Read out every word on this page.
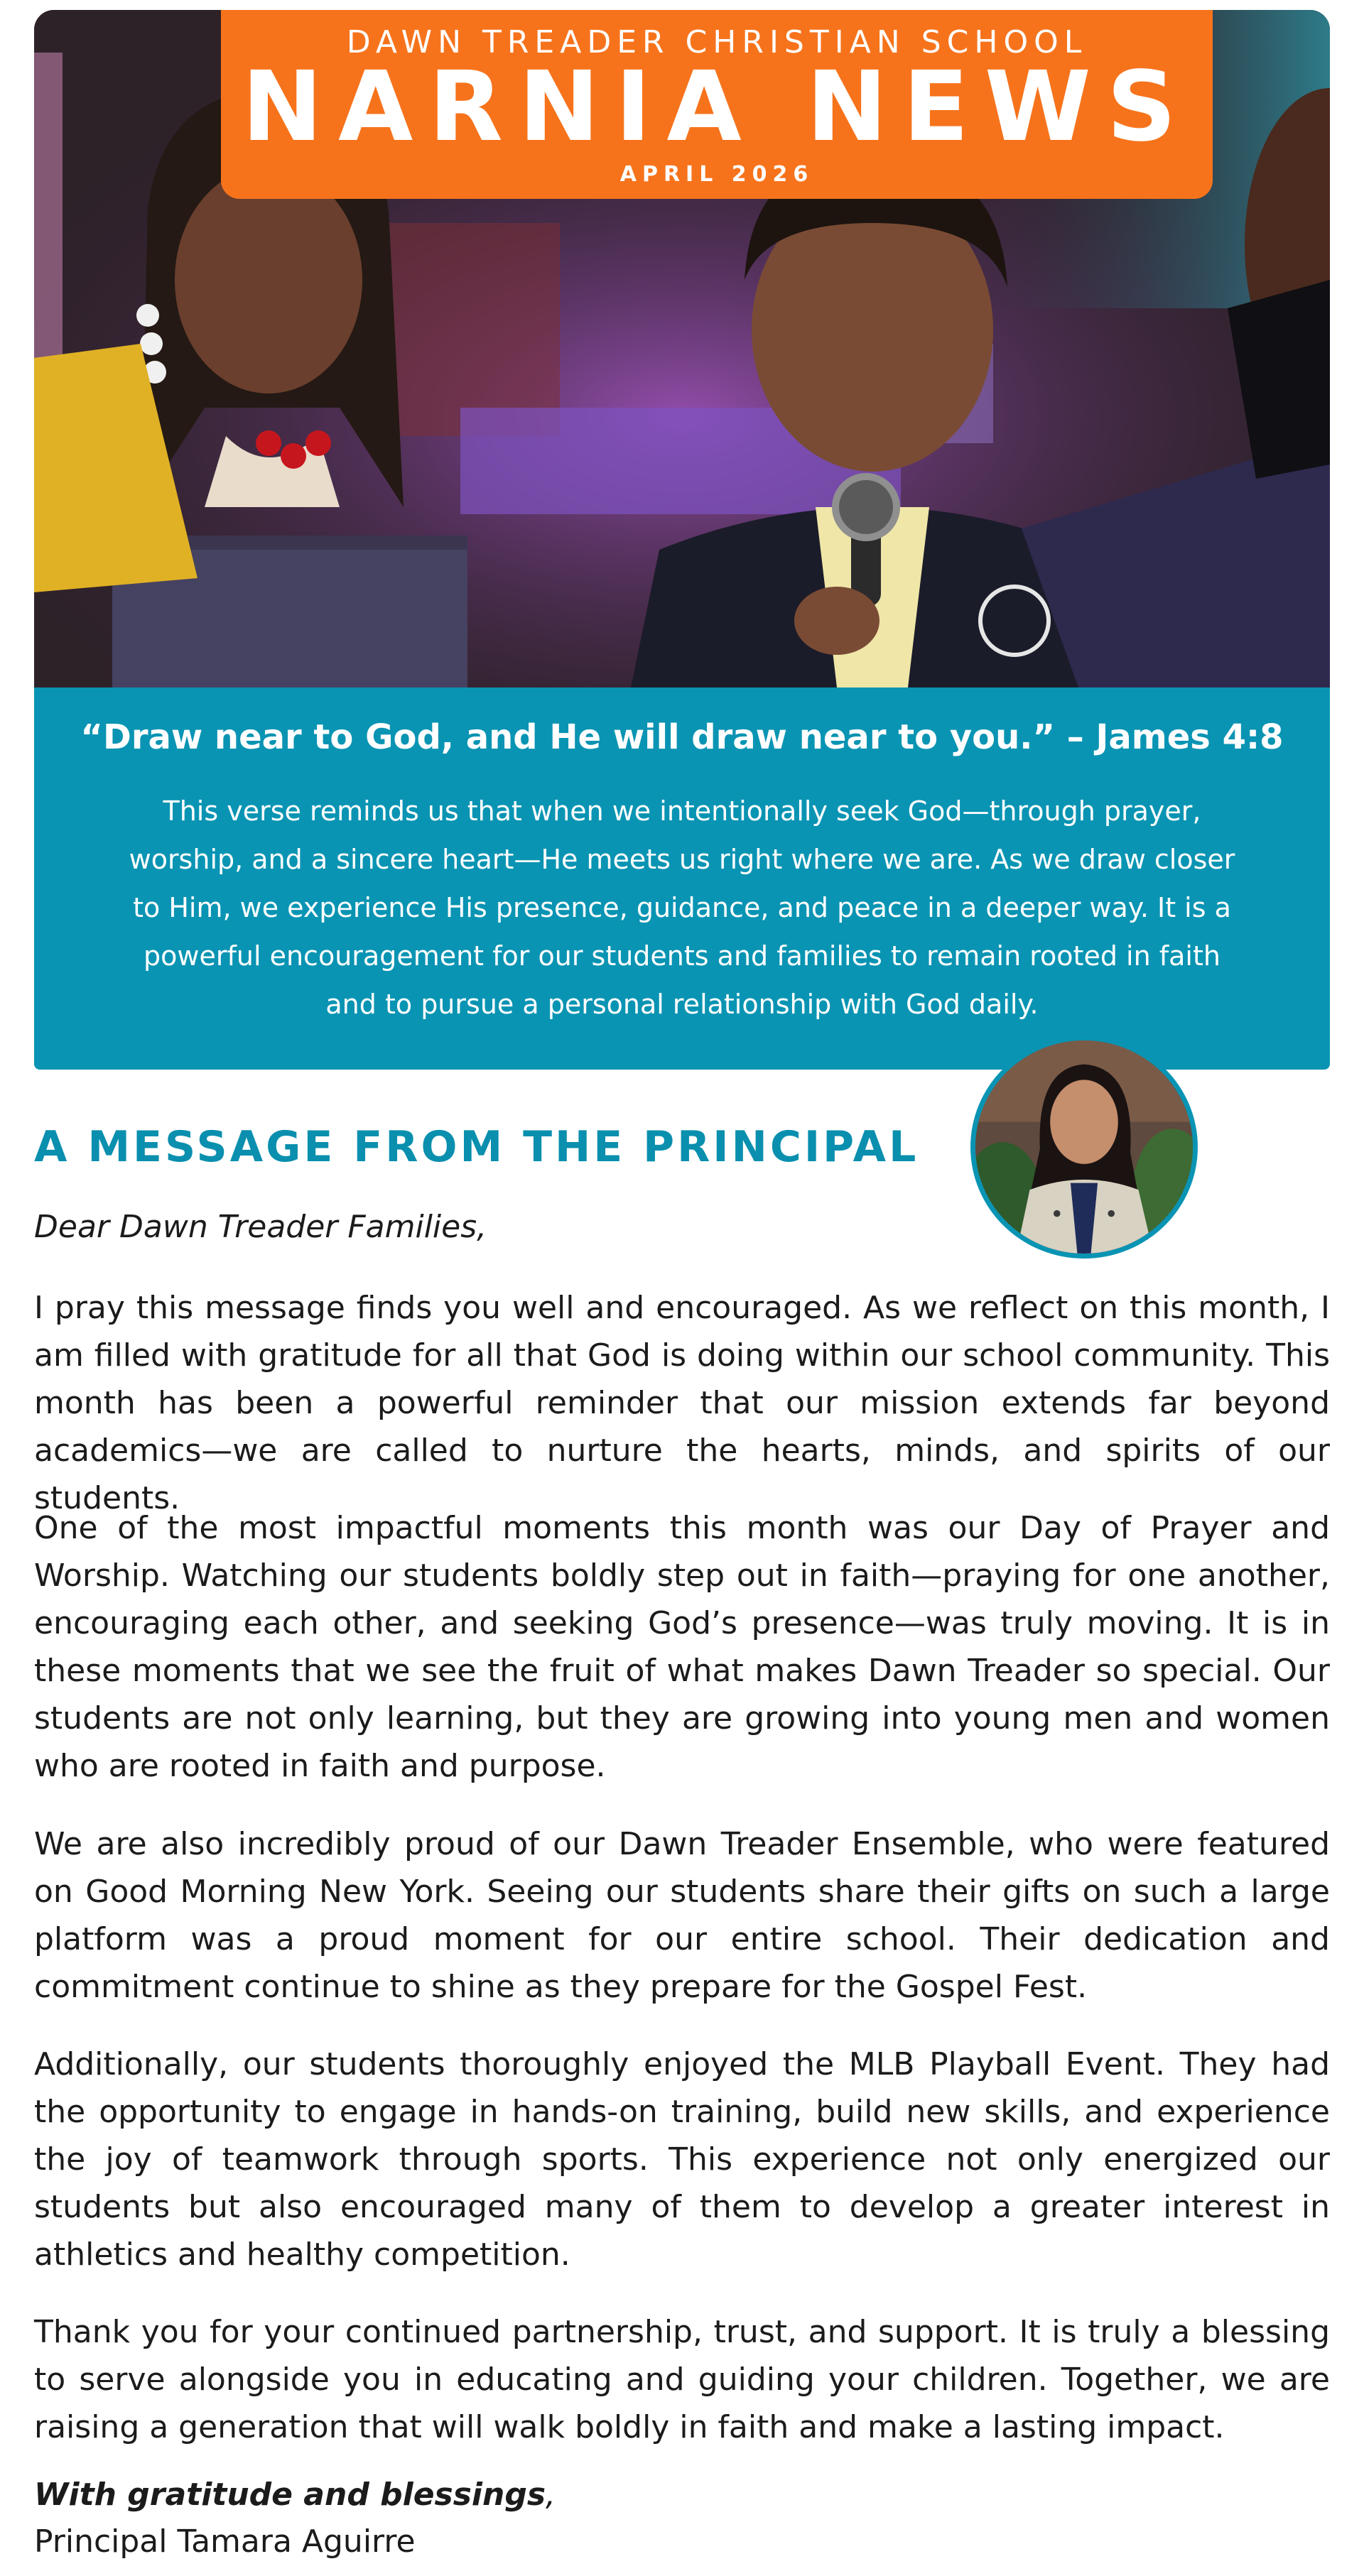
DAWN TREADER CHRISTIAN SCHOOL
NARNIA NEWS
APRIL 2026
“Draw near to God, and He will draw near to you.” – James 4:8

This verse reminds us that when we intentionally seek God—through prayer, worship, and a sincere heart—He meets us right where we are. As we draw closer to Him, we experience His presence, guidance, and peace in a deeper way. It is a powerful encouragement for our students and families to remain rooted in faith and to pursue a personal relationship with God daily.

A MESSAGE FROM THE PRINCIPAL
Dear Dawn Treader Families,

I pray this message finds you well and encouraged. As we reflect on this month, I am filled with gratitude for all that God is doing within our school community. This month has been a powerful reminder that our mission extends far beyond academics—we are called to nurture the hearts, minds, and spirits of our students.

One of the most impactful moments this month was our Day of Prayer and Worship. Watching our students boldly step out in faith—praying for one another, encouraging each other, and seeking God’s presence—was truly moving. It is in these moments that we see the fruit of what makes Dawn Treader so special. Our students are not only learning, but they are growing into young men and women who are rooted in faith and purpose.

We are also incredibly proud of our Dawn Treader Ensemble, who were featured on Good Morning New York. Seeing our students share their gifts on such a large platform was a proud moment for our entire school. Their dedication and commitment continue to shine as they prepare for the Gospel Fest.

Additionally, our students thoroughly enjoyed the MLB Playball Event. They had the opportunity to engage in hands-on training, build new skills, and experience the joy of teamwork through sports. This experience not only energized our students but also encouraged many of them to develop a greater interest in athletics and healthy competition.

Thank you for your continued partnership, trust, and support. It is truly a blessing to serve alongside you in educating and guiding your children. Together, we are raising a generation that will walk boldly in faith and make a lasting impact.

With gratitude and blessings,
Principal Tamara Aguirre
